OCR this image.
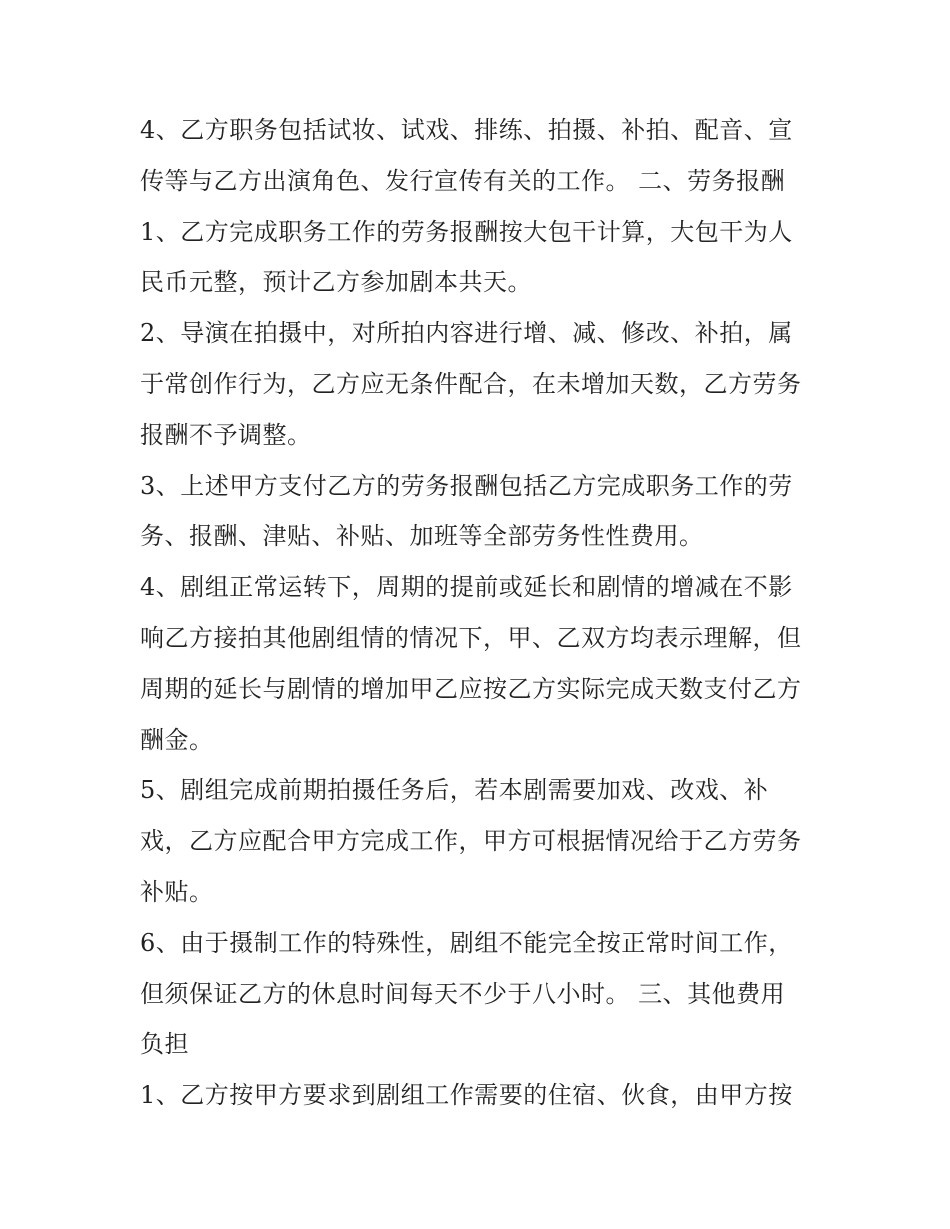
4、乙方职务包括试妆、试戏、排练、拍摄、补拍、配音、宣
传等与乙方出演角色、发行宣传有关的工作。 二、劳务报酬
1、乙方完成职务工作的劳务报酬按大包干计算，大包干为人
民币元整，预计乙方参加剧本共天。
2、导演在拍摄中，对所拍内容进行增、减、修改、补拍，属
于常创作行为，乙方应无条件配合，在未增加天数，乙方劳务
报酬不予调整。
3、上述甲方支付乙方的劳务报酬包括乙方完成职务工作的劳
务、报酬、津贴、补贴、加班等全部劳务性性费用。
4、剧组正常运转下，周期的提前或延长和剧情的增减在不影
响乙方接拍其他剧组情的情况下，甲、乙双方均表示理解，但
周期的延长与剧情的增加甲乙应按乙方实际完成天数支付乙方
酬金。
5、剧组完成前期拍摄任务后，若本剧需要加戏、改戏、补
戏，乙方应配合甲方完成工作，甲方可根据情况给于乙方劳务
补贴。
6、由于摄制工作的特殊性，剧组不能完全按正常时间工作，
但须保证乙方的休息时间每天不少于八小时。 三、其他费用
负担
1、乙方按甲方要求到剧组工作需要的住宿、伙食，由甲方按
